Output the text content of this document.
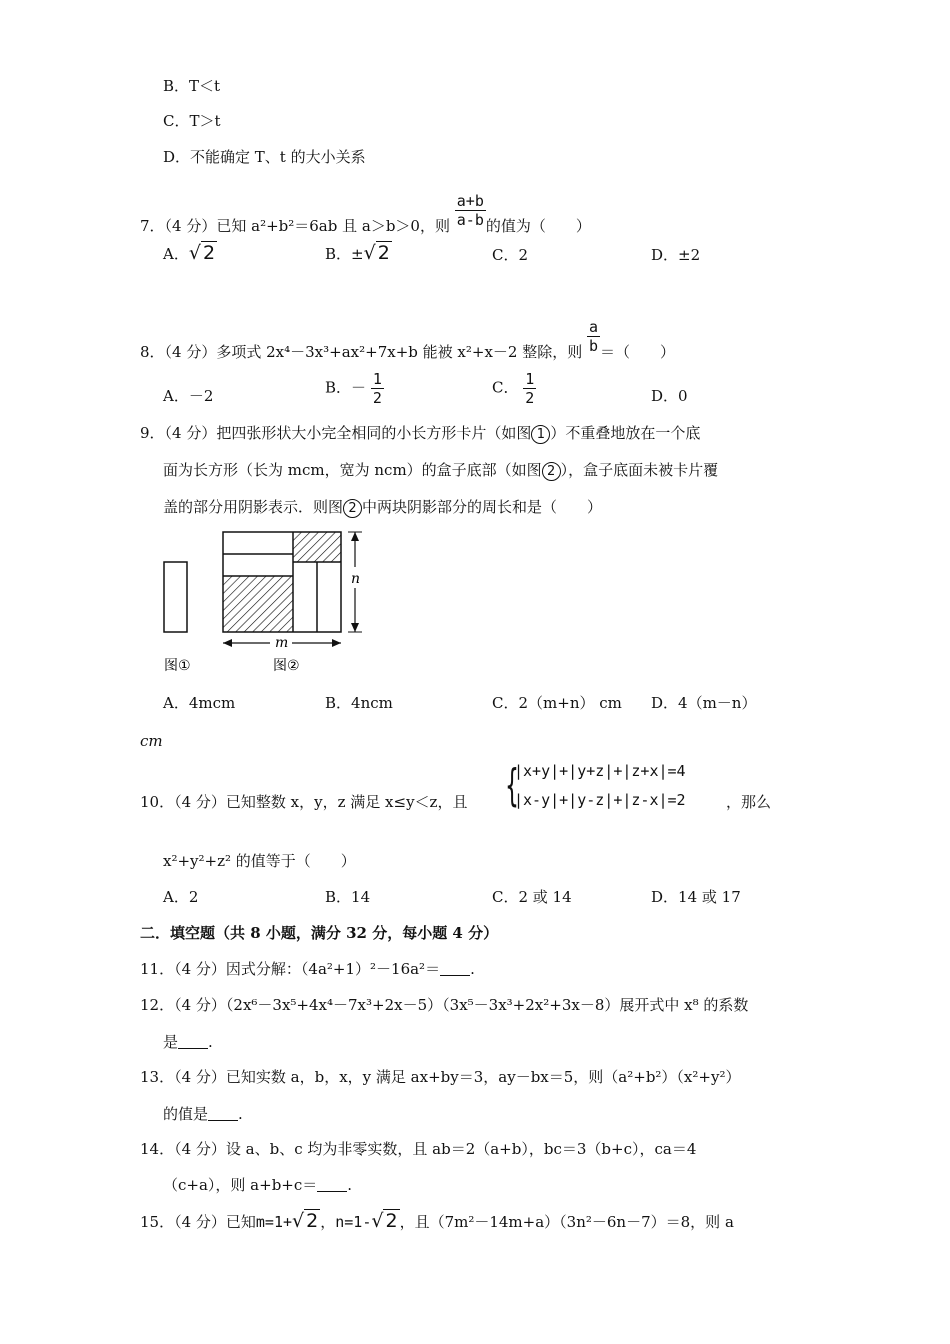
B．T＜t
C．T＞t
D．不能确定 T、t 的大小关系
7．（4 分）已知 a²+b²＝6ab 且 a＞b＞0，则 $\frac{a+b}{a-b}$ 的值为（　　）
A．√ 2	B．±√ 2	C．2	D．±2
8．（4 分）多项式 2x⁴－3x³+ax²+7x+b 能被 x²+x－2 整除，则 $\frac{a}{b}$ ＝（　　）
A．－2	B．－ $\frac{1}{2}$	C． $\frac{1}{2}$	D．0
9．（4 分）把四张形状大小完全相同的小长方形卡片（如图 1 ）不重叠地放在一个底
面为长方形（长为 mcm，宽为 ncm）的盒子底部（如图 2 ），盒子底面未被卡片覆
盖的部分用阴影表示．则图 2 中两块阴影部分的周长和是（　　）
n
m
图①	图②
A．4mcm	B．4ncm	C．2（m+n） cm D．4（m－n）
cm
{
|x+y|+|y+z|+|z+x|=4
|x-y|+|y-z|+|z-x|=2
10．（4 分）已知整数 x，y，z 满足 x≤y＜z，且	，那么
x²+y²+z² 的值等于（　　）
A．2	B．14	C．2 或 14	D．14 或 17
二．填空题（共 8 小题，满分 32 分，每小题 4 分）
11．（4 分）因式分解：（4a²+1）²－16a²＝ .
12．（4 分）（2x⁶－3x⁵+4x⁴－7x³+2x－5）（3x⁵－3x³+2x²+3x－8）展开式中 x⁸ 的系数
是 .
13．（4 分）已知实数 a，b，x，y 满足 ax+by＝3，ay－bx＝5，则（a²+b²）（x²+y²）
的值是 .
14．（4 分）设 a、b、c 均为非零实数，且 ab＝2（a+b），bc＝3（b+c），ca＝4
（c+a），则 a+b+c＝ .
15．（4 分）已知m=1+√ 2 ，n=1-√ 2 ，且（7m²－14m+a）（3n²－6n－7）＝8，则 a
